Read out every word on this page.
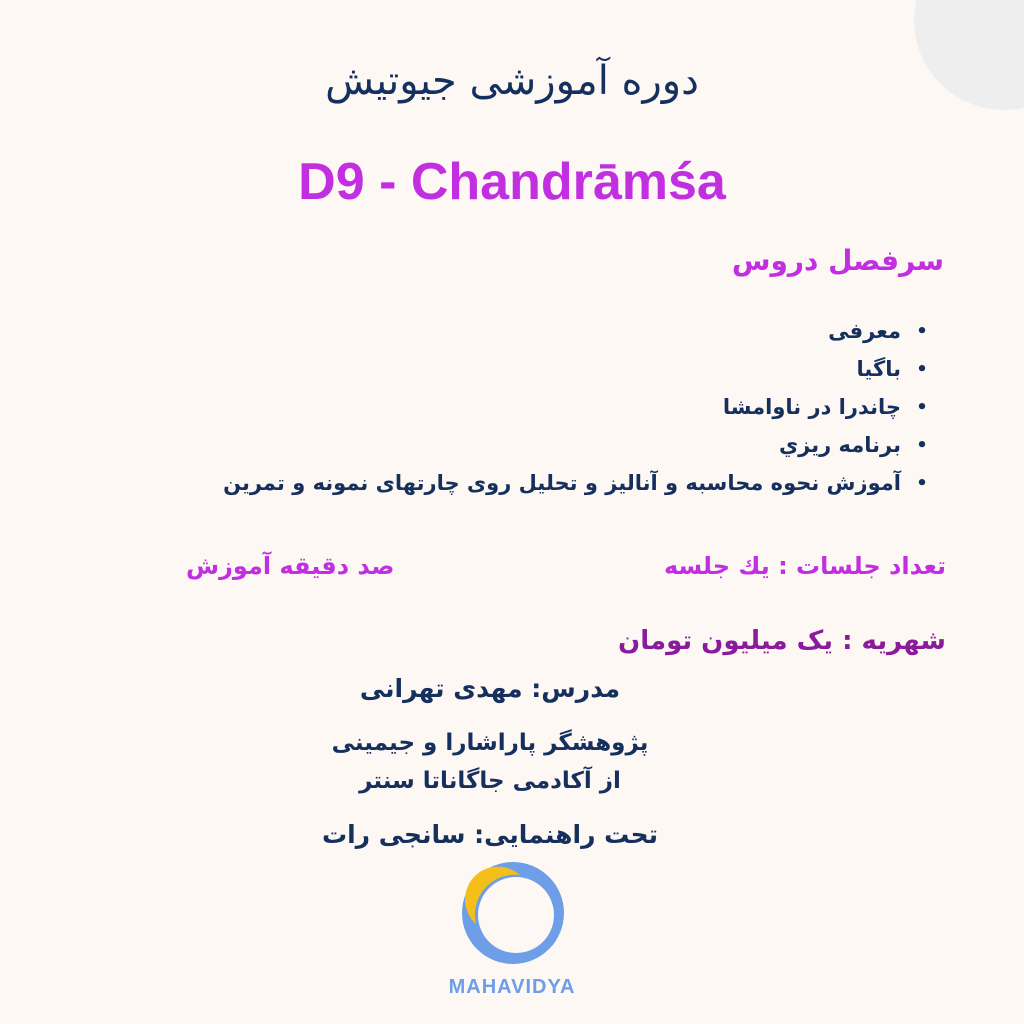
دوره آموزشی جیوتیش
D9 - Chandrāmśa
سرفصل دروس
•معرفی
•باگیا
•چاندرا در ناوامشا
•برنامه ریزي
•آموزش نحوه محاسبه و آنالیز و تحلیل روی چارتهای نمونه و تمرین
تعداد جلسات : یك جلسه
صد دقیقه آموزش
شهریه : یک میلیون تومان
مدرس: مهدی تهرانی
پژوهشگر پاراشارا و جیمینی
از آکادمی جاگاناتا سنتر
تحت راهنمایی: سانجی رات
MAHAVIDYA
